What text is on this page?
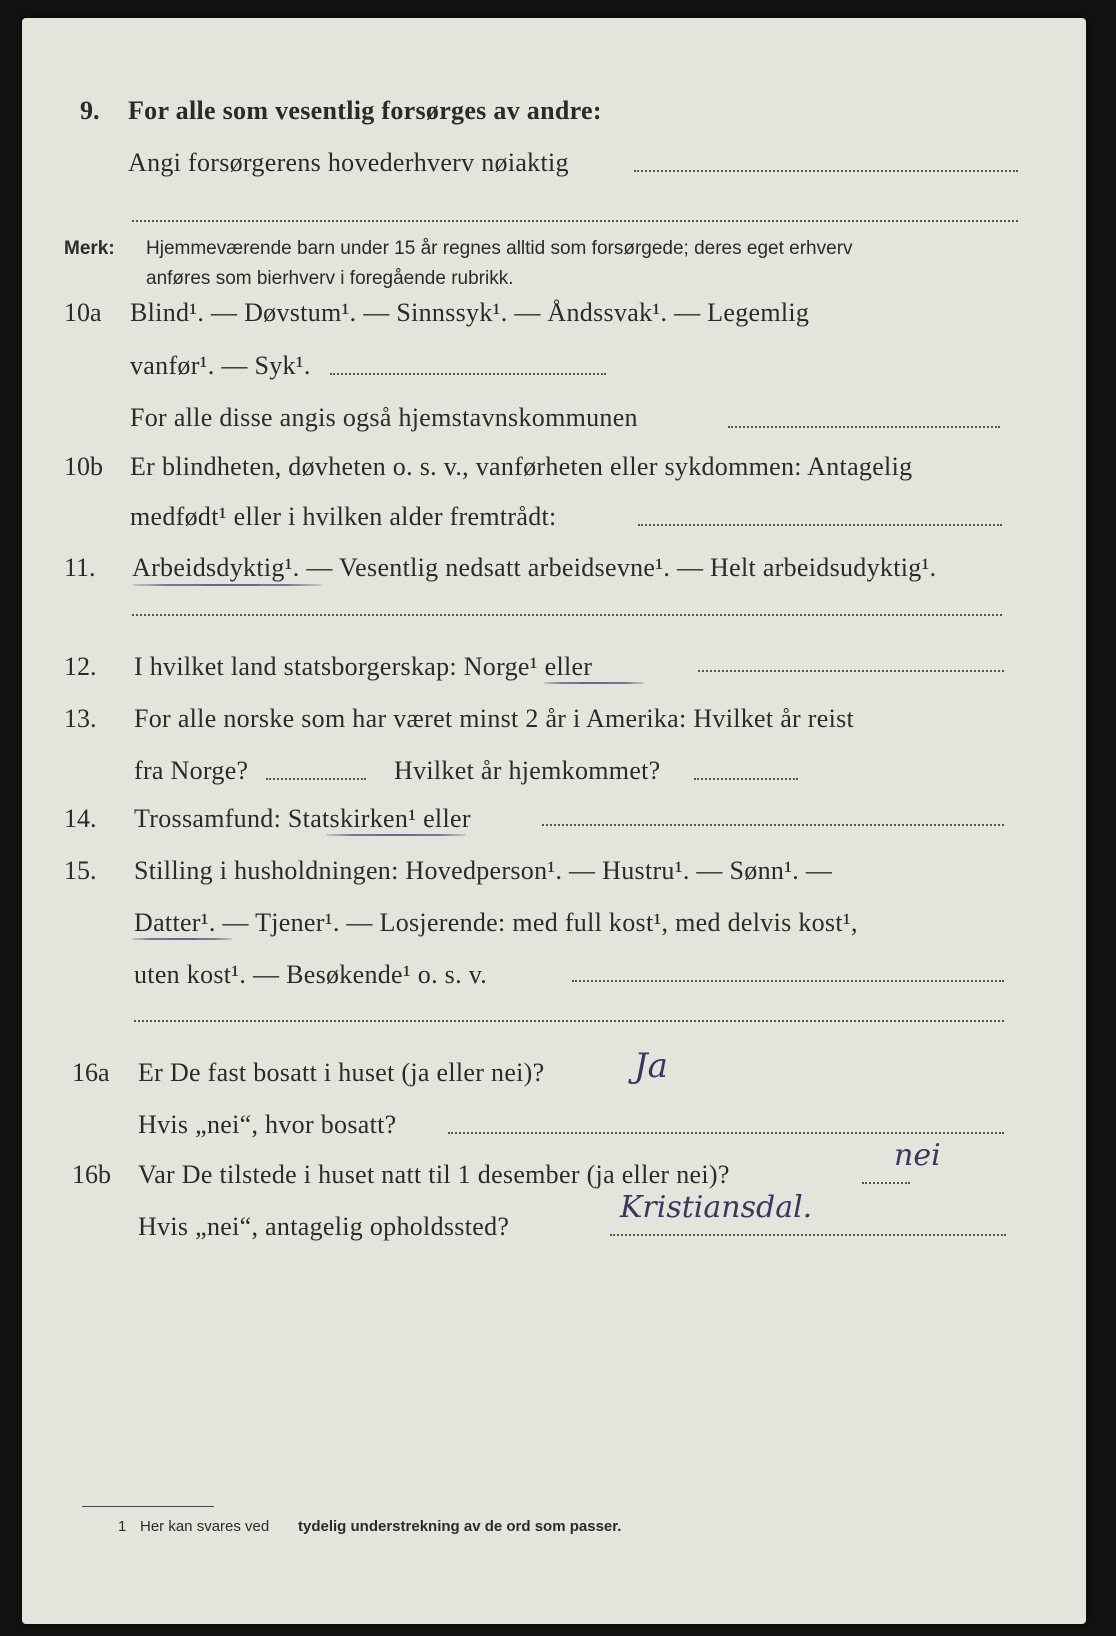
9. For alle som vesentlig forsørges av andre:
Angi forsørgerens hovederhverv nøiaktig
Merk: Hjemmeværende barn under 15 år regnes alltid som forsørgede; deres eget erhverv
anføres som bierhverv i foregående rubrikk.
10a Blind¹. — Døvstum¹. — Sinnssyk¹. — Åndssvak¹. — Legemlig
vanfør¹. — Syk¹.
For alle disse angis også hjemstavnskommunen
10b Er blindheten, døvheten o. s. v., vanførheten eller sykdommen: Antagelig
medfødt¹ eller i hvilken alder fremtrådt:
11. Arbeidsdyktig¹. — Vesentlig nedsatt arbeidsevne¹. — Helt arbeidsudyktig¹.
12. I hvilket land statsborgerskap: Norge¹ eller
13. For alle norske som har været minst 2 år i Amerika: Hvilket år reist
fra Norge?	Hvilket år hjemkommet?
14. Trossamfund: Statskirken¹ eller
15. Stilling i husholdningen: Hovedperson¹. — Hustru¹. — Sønn¹. —
Datter¹. — Tjener¹. — Losjerende: med full kost¹, med delvis kost¹,
uten kost¹. — Besøkende¹ o. s. v.
16a Er De fast bosatt i huset (ja eller nei)?	Ja
Hvis „nei“, hvor bosatt?
16b Var De tilstede i huset natt til 1 desember (ja eller nei)?
nei
Hvis „nei“, antagelig opholdssted?
Kristiansdal.
1 Her kan svares ved tydelig understrekning av de ord som passer.
